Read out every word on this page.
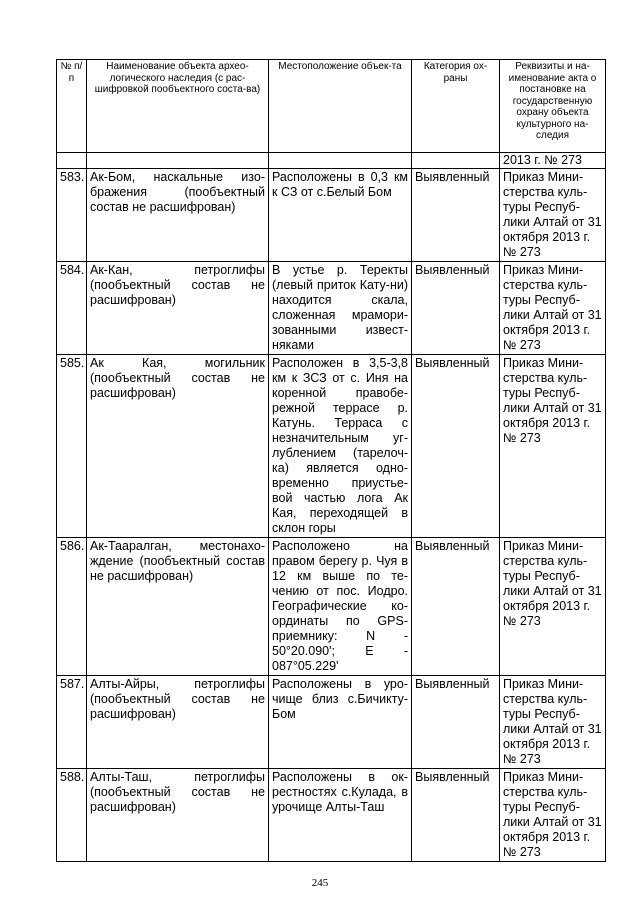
№ п/п	Наименование объекта архео-логического наследия (с рас-шифровкой пообъектного соста-ва)	Местоположение объек-та	Категория ох-раны	Реквизиты и на-именование акта о постановке на государственную охрану объекта культурного на-следия
				2013 г. № 273
583.	Ак-Бом, наскальные изо-бражения (пообъектный состав не расшифрован)	Расположены в 0,3 км к СЗ от с.Белый Бом	Выявленный	Приказ Мини-стерства куль-туры Респуб-лики Алтай от 31 октября 2013 г. № 273
584.	Ак-Кан, петроглифы (пообъектный состав не расшифрован)	В устье р. Теректы (левый приток Кату-ни) находится скала, сложенная мрамори-зованными извест-няками	Выявленный	Приказ Мини-стерства куль-туры Респуб-лики Алтай от 31 октября 2013 г. № 273
585.	Ак Кая, могильник (пообъектный состав не расшифрован)	Расположен в 3,5-3,8 км к ЗСЗ от с. Иня на коренной правобе-режной террасе р. Катунь. Терраса с незначительным уг-лублением (тарелоч-ка) является одно-временно приустье-вой частью лога Ак Кая, переходящей в склон горы	Выявленный	Приказ Мини-стерства куль-туры Респуб-лики Алтай от 31 октября 2013 г. № 273
586.	Ак-Тааралган, местонахо-ждение (пообъектный состав не расшифрован)	Расположено на правом берегу р. Чуя в 12 км выше по те-чению от пос. Иодро. Географические ко-ординаты по GPS-приемнику: N - 50°20.090'; E - 087°05.229'	Выявленный	Приказ Мини-стерства куль-туры Респуб-лики Алтай от 31 октября 2013 г. № 273
587.	Алты-Айры, петроглифы (пообъектный состав не расшифрован)	Расположены в уро-чище близ с.Бичикту-Бом	Выявленный	Приказ Мини-стерства куль-туры Респуб-лики Алтай от 31 октября 2013 г. № 273
588.	Алты-Таш, петроглифы (пообъектный состав не расшифрован)	Расположены в ок-рестностях с.Кулада, в урочище Алты-Таш	Выявленный	Приказ Мини-стерства куль-туры Респуб-лики Алтай от 31 октября 2013 г. № 273
245
